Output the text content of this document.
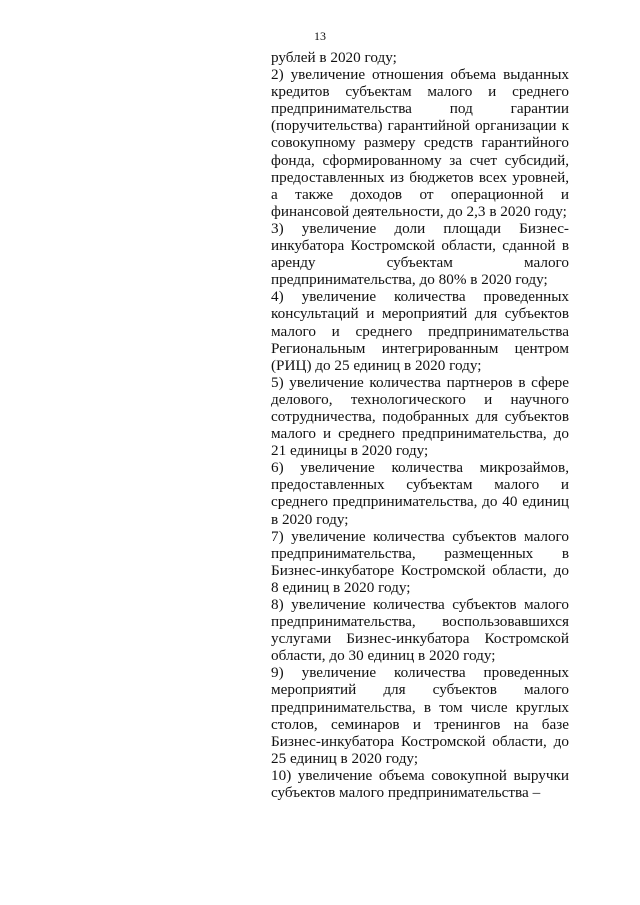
13

рублей в 2020 году;

2) увеличение отношения объема выданных кредитов субъектам малого и среднего предпринимательства под гарантии (поручительства) гарантийной организации к совокупному размеру средств гарантийного фонда, сформированному за счет субсидий, предоставленных из бюджетов всех уровней, а также доходов от операционной и финансовой деятельности, до 2,3 в 2020 году;

3) увеличение доли площади Бизнес-инкубатора Костромской области, сданной в аренду субъектам малого предпринимательства, до 80% в 2020 году;

4) увеличение количества проведенных консультаций и мероприятий для субъектов малого и среднего предпринимательства Региональным интегрированным центром (РИЦ) до 25 единиц в 2020 году;

5) увеличение количества партнеров в сфере делового, технологического и научного сотрудничества, подобранных для субъектов малого и среднего предпринимательства, до 21 единицы в 2020 году;

6) увеличение количества микрозаймов, предоставленных субъектам малого и среднего предпринимательства, до 40 единиц в 2020 году;

7) увеличение количества субъектов малого предпринимательства, размещенных в Бизнес-инкубаторе Костромской области, до 8 единиц в 2020 году;

8) увеличение количества субъектов малого предпринимательства, воспользовавшихся услугами Бизнес-инкубатора Костромской области, до 30 единиц в 2020 году;

9) увеличение количества проведенных мероприятий для субъектов малого предпринимательства, в том числе круглых столов, семинаров и тренингов на базе Бизнес-инкубатора Костромской области, до 25 единиц в 2020 году;

10) увеличение объема совокупной выручки субъектов малого предпринимательства –
